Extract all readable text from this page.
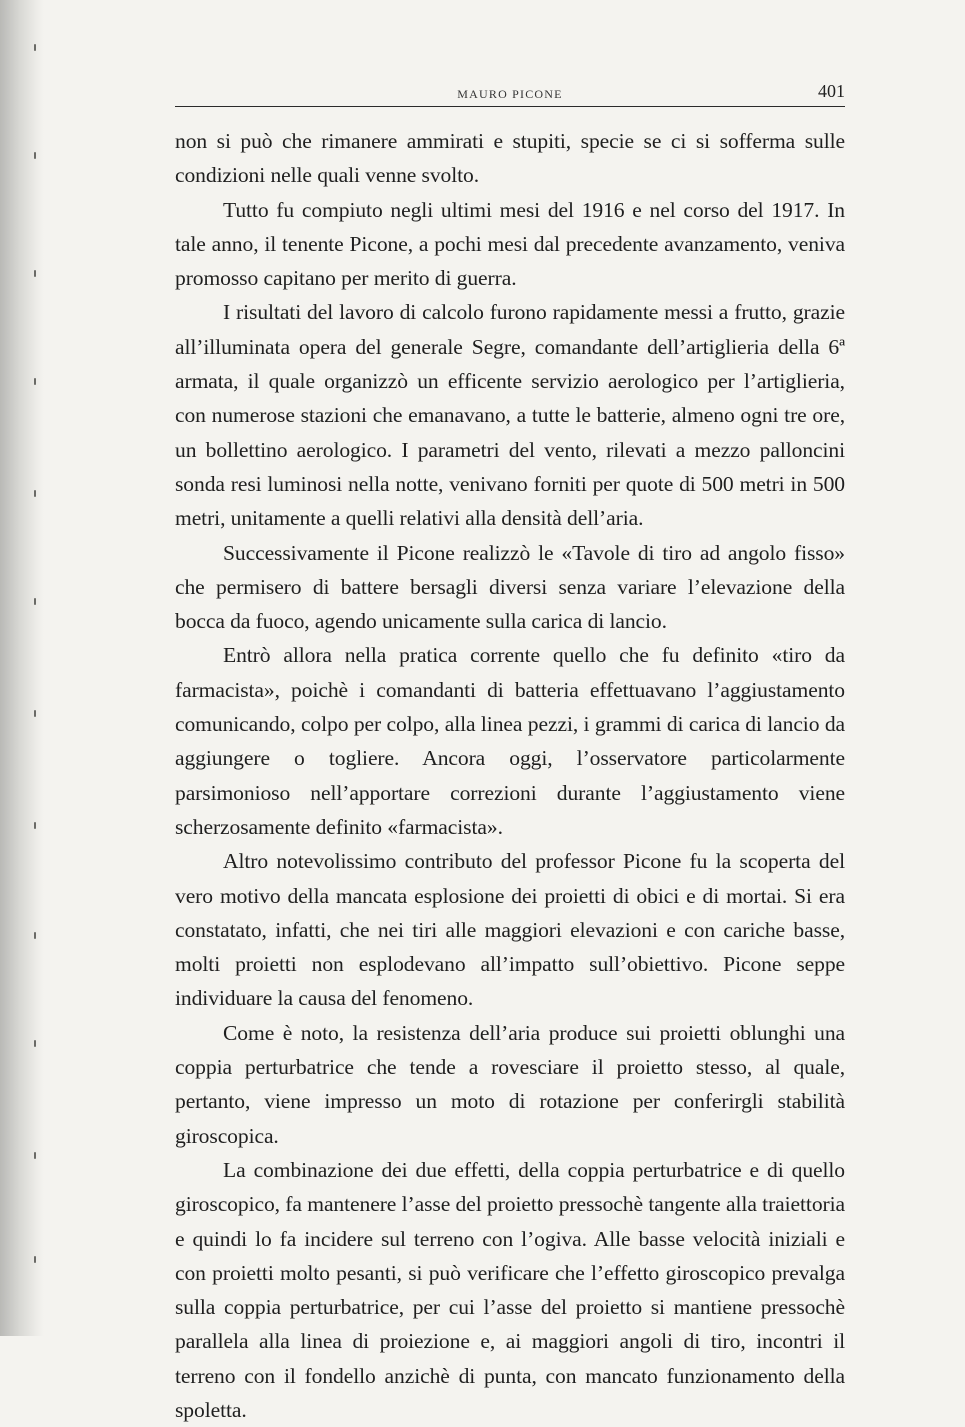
MAURO PICONE	401

non si può che rimanere ammirati e stupiti, specie se ci si sofferma sulle condizioni nelle quali venne svolto.

Tutto fu compiuto negli ultimi mesi del 1916 e nel corso del 1917. In tale anno, il tenente Picone, a pochi mesi dal precedente avanzamento, veniva promosso capitano per merito di guerra.

I risultati del lavoro di calcolo furono rapidamente messi a frutto, grazie all’illuminata opera del generale Segre, comandante dell’artiglieria della 6ª armata, il quale organizzò un efficente servizio aerologico per l’artiglieria, con numerose stazioni che emanavano, a tutte le batterie, almeno ogni tre ore, un bollettino aerologico. I parametri del vento, rilevati a mezzo palloncini sonda resi luminosi nella notte, venivano forniti per quote di 500 metri in 500 metri, unitamente a quelli relativi alla densità dell’aria.

Successivamente il Picone realizzò le «Tavole di tiro ad angolo fisso» che permisero di battere bersagli diversi senza variare l’elevazione della bocca da fuoco, agendo unicamente sulla carica di lancio.

Entrò allora nella pratica corrente quello che fu definito «tiro da farmacista», poichè i comandanti di batteria effettuavano l’aggiustamento comunicando, colpo per colpo, alla linea pezzi, i grammi di carica di lancio da aggiungere o togliere. Ancora oggi, l’osservatore particolarmente parsimonioso nell’apportare correzioni durante l’aggiustamento viene scherzosamente definito «farmacista».

Altro notevolissimo contributo del professor Picone fu la scoperta del vero motivo della mancata esplosione dei proietti di obici e di mortai. Si era constatato, infatti, che nei tiri alle maggiori elevazioni e con cariche basse, molti proietti non esplodevano all’impatto sull’obiettivo. Picone seppe individuare la causa del fenomeno.

Come è noto, la resistenza dell’aria produce sui proietti oblunghi una coppia perturbatrice che tende a rovesciare il proietto stesso, al quale, pertanto, viene impresso un moto di rotazione per conferirgli stabilità giroscopica.

La combinazione dei due effetti, della coppia perturbatrice e di quello giroscopico, fa mantenere l’asse del proietto pressochè tangente alla traiettoria e quindi lo fa incidere sul terreno con l’ogiva. Alle basse velocità iniziali e con proietti molto pesanti, si può verificare che l’effetto giroscopico prevalga sulla coppia perturbatrice, per cui l’asse del proietto si mantiene pressochè parallela alla linea di proiezione e, ai maggiori angoli di tiro, incontri il terreno con il fondello anzichè di punta, con mancato funzionamento della spoletta.
